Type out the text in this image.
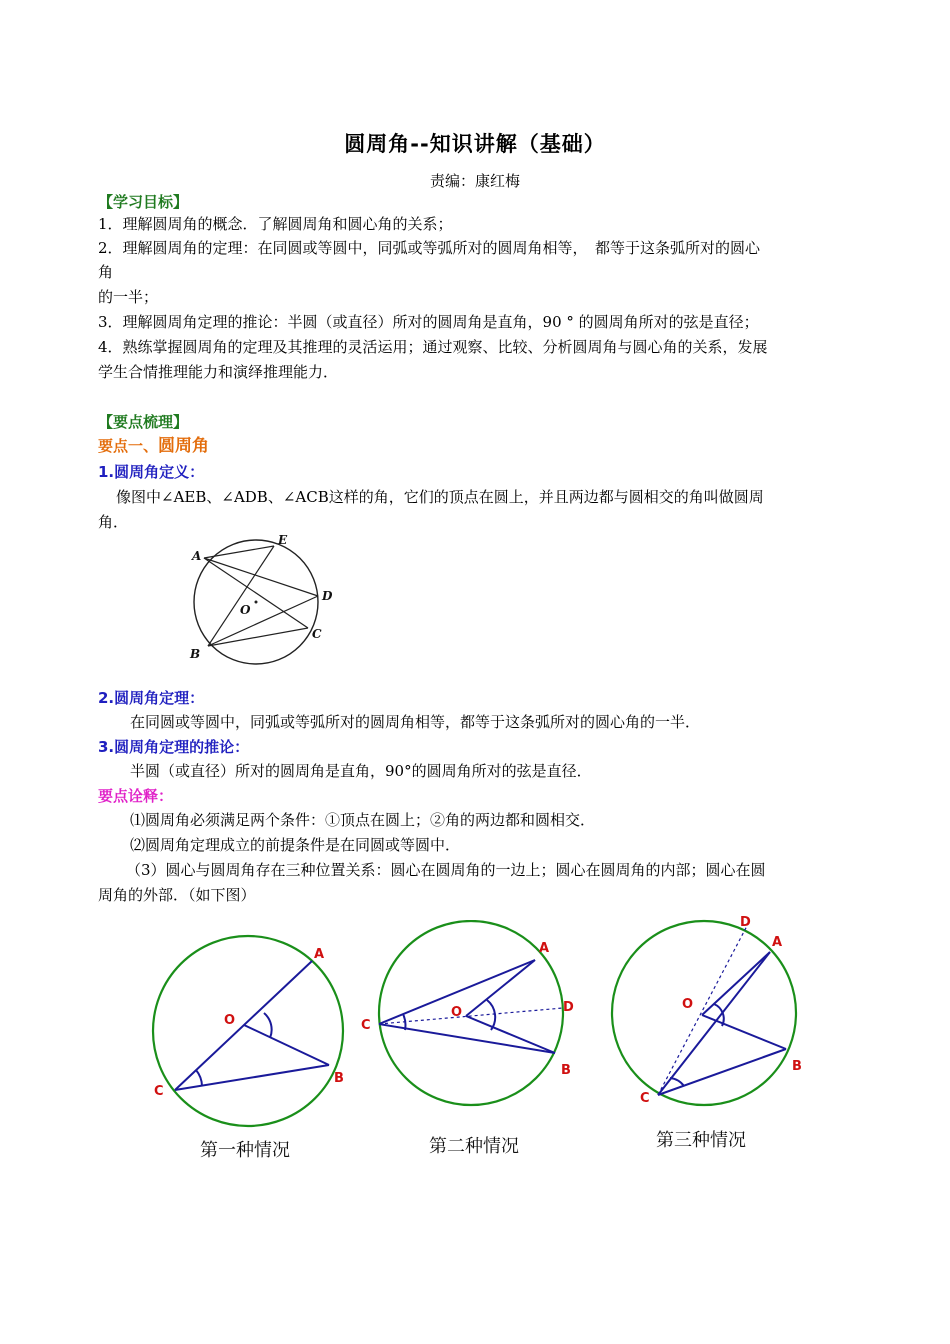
圆周角--知识讲解（基础）
责编：康红梅
【学习目标】
1．理解圆周角的概念．了解圆周角和圆心角的关系；
2．理解圆周角的定理：在同圆或等圆中，同弧或等弧所对的圆周角相等，　都等于这条弧所对的圆心
角
的一半；
3．理解圆周角定理的推论：半圆（或直径）所对的圆周角是直角，90 ° 的圆周角所对的弦是直径；
4．熟练掌握圆周角的定理及其推理的灵活运用；通过观察、比较、分析圆周角与圆心角的关系，发展
学生合情推理能力和演绎推理能力．
【要点梳理】
要点一、圆周角
1.圆周角定义：
像图中∠AEB、∠ADB、∠ACB这样的角，它们的顶点在圆上，并且两边都与圆相交的角叫做圆周
角．
A
E
D
C
B
O
2.圆周角定理：
在同圆或等圆中，同弧或等弧所对的圆周角相等，都等于这条弧所对的圆心角的一半．
3.圆周角定理的推论：
半圆（或直径）所对的圆周角是直角，90°的圆周角所对的弦是直径．
要点诠释：
⑴圆周角必须满足两个条件：①顶点在圆上；②角的两边都和圆相交．
⑵圆周角定理成立的前提条件是在同圆或等圆中．
（3）圆心与圆周角存在三种位置关系：圆心在圆周角的一边上；圆心在圆周角的内部；圆心在圆
周角的外部．（如下图）
A
O
B
C
第一种情况
A
O
B
C
D
第二种情况
D
A
O
B
C
第三种情况
